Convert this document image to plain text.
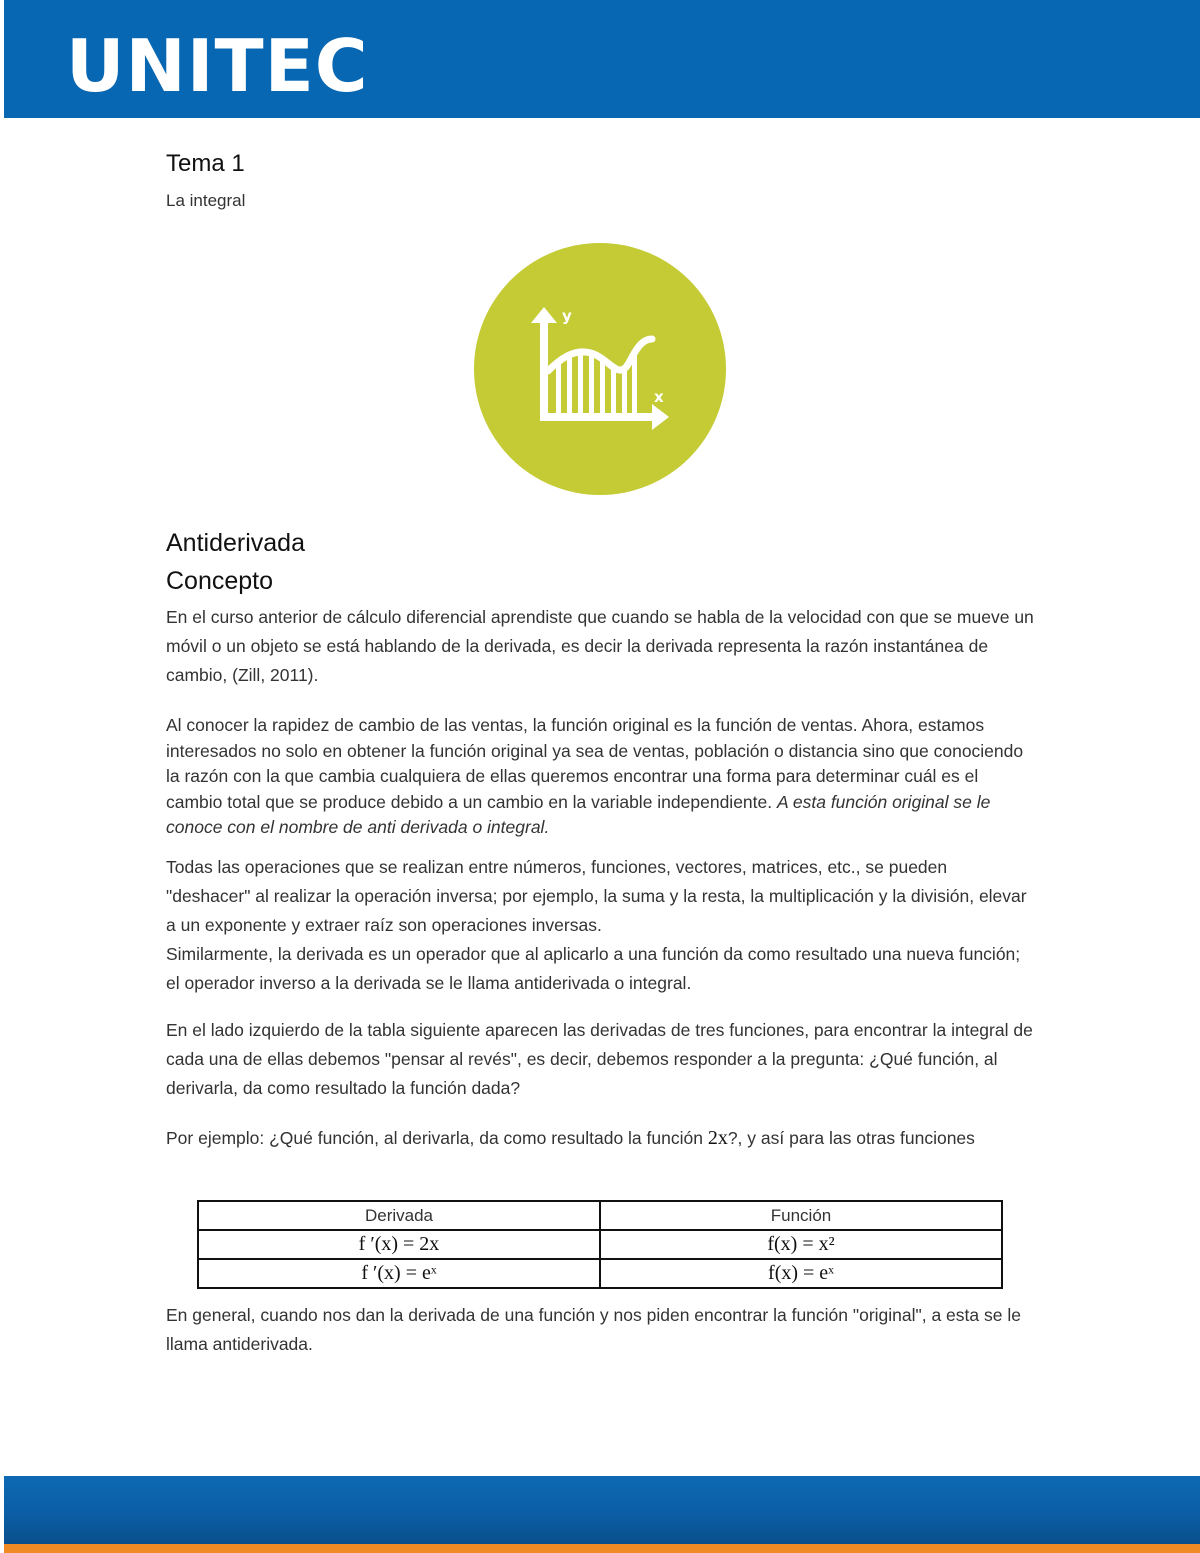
UNITEC
Tema 1
La integral
y
x
Antiderivada
Concepto
En el curso anterior de cálculo diferencial aprendiste que cuando se habla de la velocidad con que se mueve un móvil o un objeto se está hablando de la derivada, es decir la derivada representa la razón instantánea de cambio, (Zill, 2011).
Al conocer la rapidez de cambio de las ventas, la función original es la función de ventas. Ahora, estamos interesados no solo en obtener la función original ya sea de ventas, población o distancia sino que conociendo la razón con la que cambia cualquiera de ellas queremos encontrar una forma para determinar cuál es el cambio total que se produce debido a un cambio en la variable independiente. A esta función original se le conoce con el nombre de anti derivada o integral.
Todas las operaciones que se realizan entre números, funciones, vectores, matrices, etc., se pueden "deshacer" al realizar la operación inversa; por ejemplo, la suma y la resta, la multiplicación y la división, elevar a un exponente y extraer raíz son operaciones inversas.
Similarmente, la derivada es un operador que al aplicarlo a una función da como resultado una nueva función; el operador inverso a la derivada se le llama antiderivada o integral.
En el lado izquierdo de la tabla siguiente aparecen las derivadas de tres funciones, para encontrar la integral de cada una de ellas debemos "pensar al revés", es decir, debemos responder a la pregunta: ¿Qué función, al derivarla, da como resultado la función dada?
Por ejemplo: ¿Qué función, al derivarla, da como resultado la función 2x?, y así para las otras funciones
Derivada	Función
f ′(x) = 2x	f(x) = x²
f ′(x) = eˣ	f(x) = eˣ
En general, cuando nos dan la derivada de una función y nos piden encontrar la función "original", a esta se le llama antiderivada.
